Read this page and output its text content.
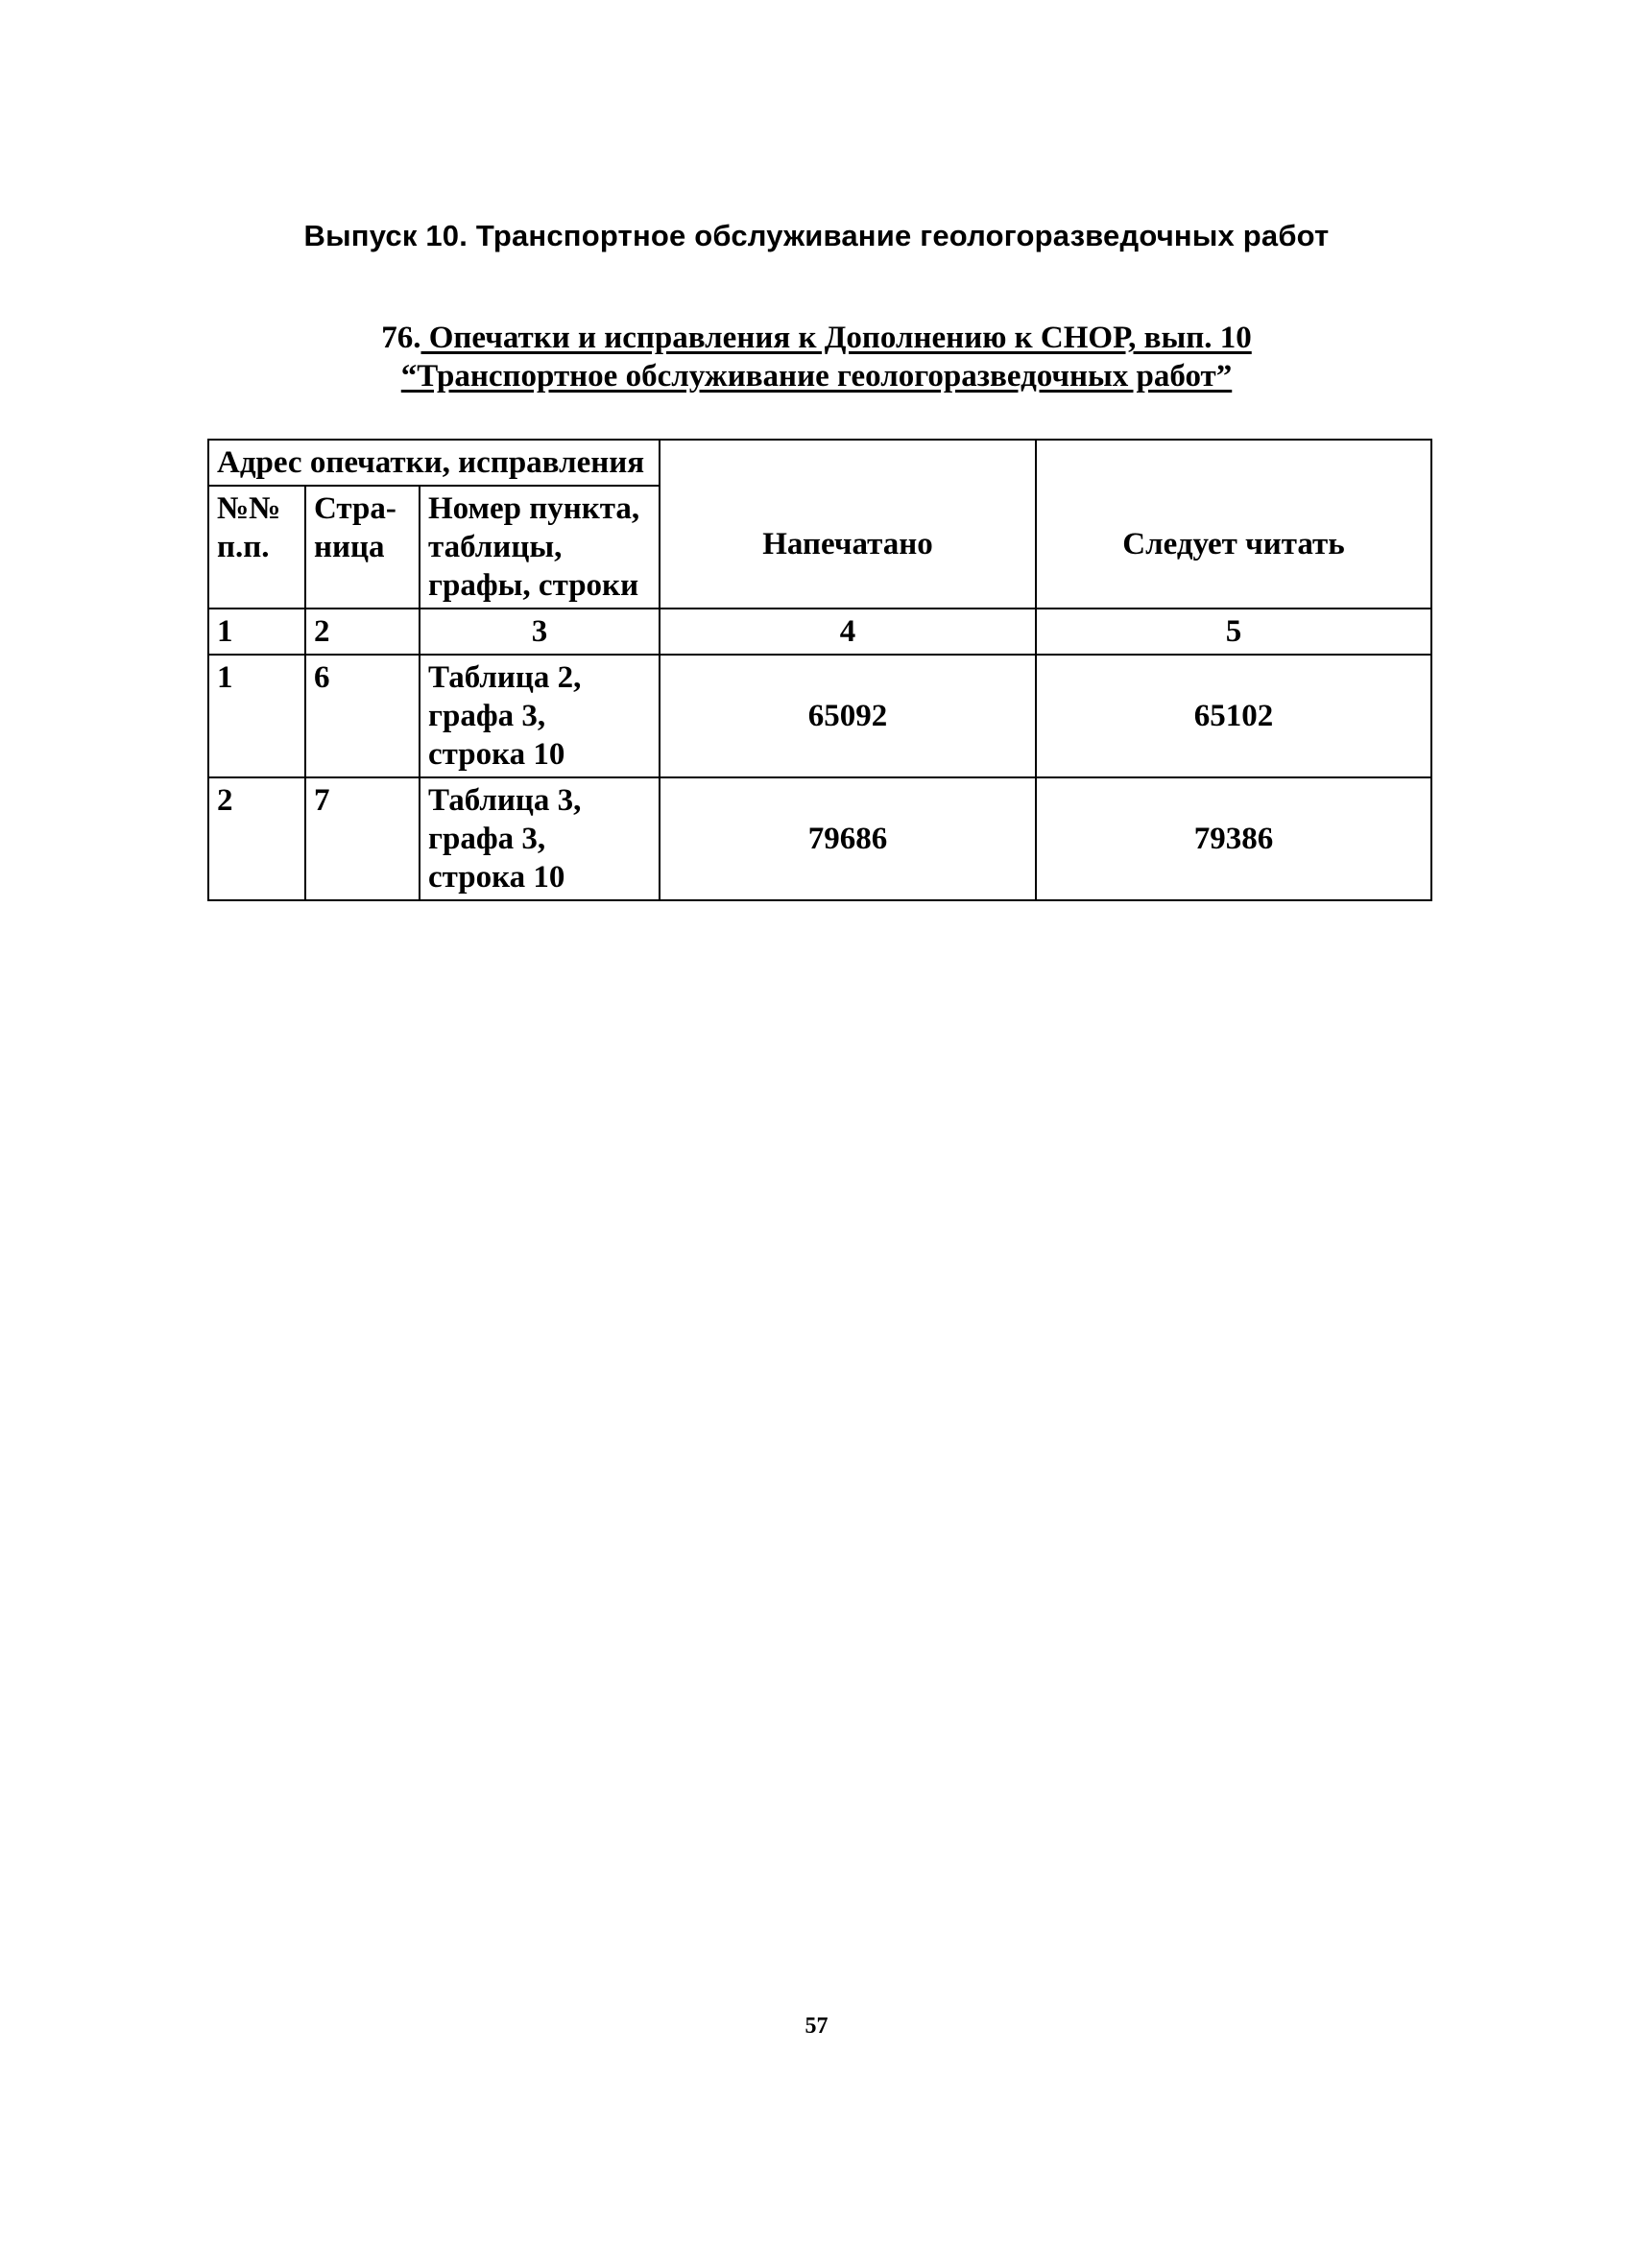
Выпуск 10. Транспортное обслуживание геологоразведочных работ
76. Опечатки и исправления к Дополнению к СНОР, вып. 10
“Транспортное обслуживание геологоразведочных работ”
Адрес опечатки, исправления			Напечатано	Следует читать
№№ п.п.	Стра-ница	Номер пункта, таблицы, графы, строки		
1	2	3	4	5
1	6	Таблица 2,
графа 3,
строка 10	65092	65102
2	7	Таблица 3,
графа 3,
строка 10	79686	79386
57
